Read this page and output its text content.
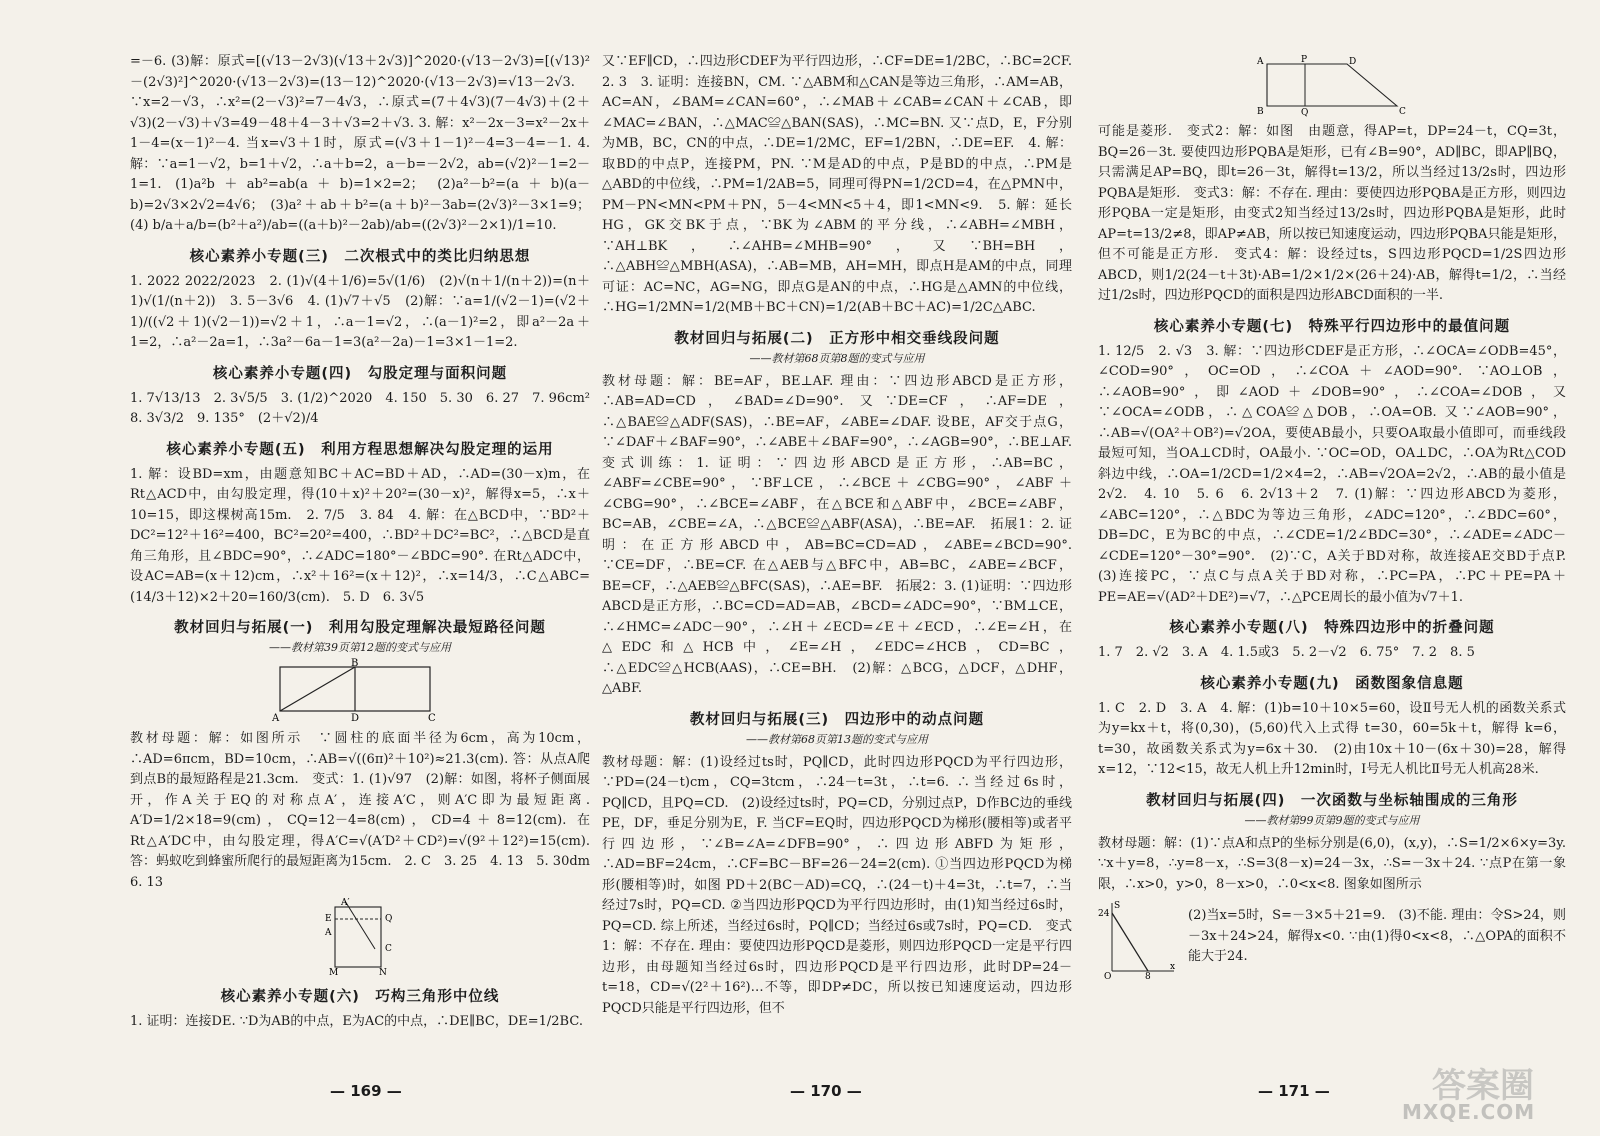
=－6. (3)解：原式=[(√13－2√3)(√13＋2√3)]^2020·(√13－2√3)=[(√13)²－(2√3)²]^2020·(√13－2√3)=(13－12)^2020·(√13－2√3)=√13－2√3. ∵x=2－√3，∴x²=(2－√3)²=7－4√3，∴原式=(7＋4√3)(7－4√3)＋(2＋√3)(2－√3)＋√3=49－48＋4－3＋√3=2＋√3. 3. 解：x²－2x－3=x²－2x＋1－4=(x－1)²－4. 当x=√3＋1时，原式=(√3＋1－1)²－4=3－4=－1. 4. 解：∵a=1－√2，b=1＋√2，∴a＋b=2，a－b=－2√2，ab=(√2)²－1=2－1=1. (1)a²b＋ab²=ab(a＋b)=1×2=2； (2)a²－b²=(a＋b)(a－b)=2√3×2√2=4√6； (3)a²＋ab＋b²=(a＋b)²－3ab=(2√3)²－3×1=9； (4) b/a＋a/b=(b²＋a²)/ab=((a＋b)²－2ab)/ab=((2√3)²－2×1)/1=10.

核心素养小专题(三)　二次根式中的类比归纳思想

1. 2022 2022/2023　2. (1)√(4＋1/6)=5√(1/6)　(2)√(n＋1/(n＋2))=(n＋1)√(1/(n＋2))　3. 5－3√6　4. (1)√7＋√5　(2)解：∵a=1/(√2－1)=(√2＋1)/((√2＋1)(√2－1))=√2＋1，∴a－1=√2，∴(a－1)²=2，即a²－2a＋1=2，∴a²－2a=1，∴3a²－6a－1=3(a²－2a)－1=3×1－1=2.

核心素养小专题(四)　勾股定理与面积问题

1. 7√13/13　2. 3√5/5　3. (1/2)^2020　4. 150　5. 30　6. 27　7. 96cm²　8. 3√3/2　9. 135°　(2＋√2)/4

核心素养小专题(五)　利用方程思想解决勾股定理的运用

1. 解：设BD=xm，由题意知BC＋AC=BD＋AD，∴AD=(30－x)m，在Rt△ACD中，由勾股定理，得(10＋x)²＋20²=(30－x)²，解得x=5，∴x＋10=15，即这棵树高15m.　2. 7/5　3. 84　4. 解：在△BCD中，∵BD²＋DC²=12²＋16²=400，BC²=20²=400，∴BD²＋DC²=BC²，∴△BCD是直角三角形，且∠BDC=90°，∴∠ADC=180°－∠BDC=90°. 在Rt△ADC中，设AC=AB=(x＋12)cm，∴x²＋16²=(x＋12)²，∴x=14/3，∴C△ABC=(14/3＋12)×2＋20=160/3(cm).　5. D　6. 3√5

教材回归与拓展(一)　利用勾股定理解决最短路径问题
——教材第39页第12题的变式与应用
A	D	C
B

教材母题：解：如图所示　∵圆柱的底面半径为6cm，高为10cm，∴AD=6πcm，BD=10cm，∴AB=√((6π)²＋10²)≈21.3(cm). 答：从点A爬到点B的最短路程是21.3cm.　变式：1. (1)√97　(2)解：如图，将杯子侧面展开，作A关于EQ的对称点A′，连接A′C，则A′C即为最短距离. A′D=1/2×18=9(cm)，CQ=12－4=8(cm)，CD=4＋8=12(cm). 在Rt△A′DC中，由勾股定理，得A′C=√(A′D²＋CD²)=√(9²＋12²)=15(cm). 答：蚂蚁吃到蜂蜜所爬行的最短距离为15cm.　2. C　3. 25　4. 13　5. 30dm　6. 13

A′
E
A
Q
C
M	N
核心素养小专题(六)　巧构三角形中位线

1. 证明：连接DE. ∵D为AB的中点，E为AC的中点，∴DE∥BC，DE=1/2BC.

又∵EF∥CD，∴四边形CDEF为平行四边形，∴CF=DE=1/2BC，∴BC=2CF.　2. 3　3. 证明：连接BN，CM. ∵△ABM和△CAN是等边三角形，∴AM=AB，AC=AN，∠BAM=∠CAN=60°，∴∠MAB＋∠CAB=∠CAN＋∠CAB，即∠MAC=∠BAN，∴△MAC≌△BAN(SAS)，∴MC=BN. 又∵点D，E，F分别为MB，BC，CN的中点，∴DE=1/2MC，EF=1/2BN，∴DE=EF.　4. 解：取BD的中点P，连接PM，PN. ∵M是AD的中点，P是BD的中点，∴PM是△ABD的中位线，∴PM=1/2AB=5，同理可得PN=1/2CD=4，在△PMN中，PM－PN<MN<PM＋PN，5－4<MN<5＋4，即1<MN<9.　5. 解：延长HG，GK交BK于点，∵BK为∠ABM的平分线，∴∠ABH=∠MBH，∵AH⊥BK，∴∠AHB=∠MHB=90°，又∵BH=BH，∴△ABH≌△MBH(ASA)，∴AB=MB，AH=MH，即点H是AM的中点，同理可证：AC=NC，AG=NG，即点G是AN的中点，∴HG是△AMN的中位线，∴HG=1/2MN=1/2(MB＋BC＋CN)=1/2(AB＋BC＋AC)=1/2C△ABC.

教材回归与拓展(二)　正方形中相交垂线段问题
——教材第68页第8题的变式与应用

教材母题：解：BE=AF，BE⊥AF. 理由：∵四边形ABCD是正方形，∴AB=AD=CD，∠BAD=∠D=90°. 又∵DE=CF，∴AF=DE，∴△BAE≌△ADF(SAS)，∴BE=AF，∠ABE=∠DAF. 设BE，AF交于点G，∵∠DAF＋∠BAF=90°，∴∠ABE＋∠BAF=90°，∴∠AGB=90°，∴BE⊥AF.　变式训练：1. 证明：∵四边形ABCD是正方形，∴AB=BC，∠ABF=∠CBE=90°，∵BF⊥CE，∴∠BCE＋∠CBG=90°，∠ABF＋∠CBG=90°，∴∠BCE=∠ABF，在△BCE和△ABF中，∠BCE=∠ABF，BC=AB，∠CBE=∠A，∴△BCE≌△ABF(ASA)，∴BE=AF.　拓展1：2. 证明：在正方形ABCD中，AB=BC=CD=AD，∠ABE=∠BCD=90°. ∵CE=DF，∴BE=CF. 在△AEB与△BFC中，AB=BC，∠ABE=∠BCF，BE=CF，∴△AEB≌△BFC(SAS)，∴AE=BF.　拓展2：3. (1)证明：∵四边形ABCD是正方形，∴BC=CD=AD=AB，∠BCD=∠ADC=90°，∵BM⊥CE，∴∠HMC=∠ADC－90°，∴∠H＋∠ECD=∠E＋∠ECD，∴∠E=∠H，在△EDC和△HCB中，∠E=∠H，∠EDC=∠HCB，CD=BC，∴△EDC≌△HCB(AAS)，∴CE=BH.　(2)解：△BCG，△DCF，△DHF，△ABF.

教材回归与拓展(三)　四边形中的动点问题
——教材第68页第13题的变式与应用

教材母题：解：(1)设经过ts时，PQ∥CD，此时四边形PQCD为平行四边形，∵PD=(24－t)cm，CQ=3tcm，∴24－t=3t，∴t=6. ∴当经过6s时，PQ∥CD，且PQ=CD.　(2)设经过ts时，PQ=CD，分别过点P，D作BC边的垂线PE，DF，垂足分别为E，F. 当CF=EQ时，四边形PQCD为梯形(腰相等)或者平行四边形，∵∠B=∠A=∠DFB=90°，∴四边形ABFD为矩形，∴AD=BF=24cm，∴CF=BC－BF=26－24=2(cm). ①当四边形PQCD为梯形(腰相等)时，如图 PD＋2(BC－AD)=CQ，∴(24－t)＋4=3t，∴t=7，∴当经过7s时，PQ=CD. ②当四边形PQCD为平行四边形时，由(1)知当经过6s时，PQ=CD. 综上所述，当经过6s时，PQ∥CD；当经过6s或7s时，PQ=CD.　变式1：解：不存在. 理由：要使四边形PQCD是菱形，则四边形PQCD一定是平行四边形，由母题知当经过6s时，四边形PQCD是平行四边形，此时DP=24－t=18，CD=√(2²＋16²)…不等，即DP≠DC，所以按已知速度运动，四边形PQCD只能是平行四边形，但不

A	P	D
B	Q	C

可能是菱形.　变式2：解：如图　由题意，得AP=t，DP=24－t，CQ=3t，BQ=26－3t. 要使四边形PQBA是矩形，已有∠B=90°，AD∥BC，即AP∥BQ，只需满足AP=BQ，即t=26－3t，解得t=13/2，所以当经过13/2s时，四边形PQBA是矩形.　变式3：解：不存在. 理由：要使四边形PQBA是正方形，则四边形PQBA一定是矩形，由变式2知当经过13/2s时，四边形PQBA是矩形，此时AP=t=13/2≠8，即AP≠AB，所以按已知速度运动，四边形PQBA只能是矩形，但不可能是正方形.　变式4：解：设经过ts，S四边形PQCD=1/2S四边形ABCD，则1/2(24－t＋3t)·AB=1/2×1/2×(26＋24)·AB，解得t=1/2，∴当经过1/2s时，四边形PQCD的面积是四边形ABCD面积的一半.

核心素养小专题(七)　特殊平行四边形中的最值问题

1. 12/5　2. √3　3. 解：∵四边形CDEF是正方形，∴∠OCA=∠ODB=45°，∠COD=90°，OC=OD，∴∠COA＋∠AOD=90°. ∵AO⊥OB，∴∠AOB=90°，即∠AOD＋∠DOB=90°，∴∠COA=∠DOB，又∵∠OCA=∠ODB，∴△COA≌△DOB，∴OA=OB. 又∵∠AOB=90°，∴AB=√(OA²＋OB²)=√2OA，要使AB最小，只要OA取最小值即可，而垂线段最短可知，当OA⊥CD时，OA最小. ∵OC=OD，OA⊥DC，∴OA为Rt△COD斜边中线，∴OA=1/2CD=1/2×4=2，∴AB=√2OA=2√2，∴AB的最小值是2√2.　4. 10　5. 6　6. 2√13＋2　7. (1)解：∵四边形ABCD为菱形，∠ABC=120°，∴△BDC为等边三角形，∠ADC=120°，∴∠BDC=60°，DB=DC，E为BC的中点，∴∠CDE=1/2∠BDC=30°，∴∠ADE=∠ADC－∠CDE=120°－30°=90°.　(2)∵C，A关于BD对称，故连接AE交BD于点P.　(3)连接PC，∵点C与点A关于BD对称，∴PC=PA，∴PC＋PE=PA＋PE=AE=√(AD²＋DE²)=√7，∴△PCE周长的最小值为√7＋1.

核心素养小专题(八)　特殊四边形中的折叠问题

1. 7　2. √2　3. A　4. 1.5或3　5. 2－√2　6. 75°　7. 2　8. 5

核心素养小专题(九)　函数图象信息题

1. C　2. D　3. A　4. 解：(1)b=10＋10×5=60，设Ⅱ号无人机的函数关系式为y=kx＋t，将(0,30)，(5,60)代入上式得 t=30，60=5k＋t，解得 k=6，t=30，故函数关系式为y=6x＋30.　(2)由10x＋10－(6x＋30)=28，解得x=12，∵12<15，故无人机上升12min时，Ⅰ号无人机比Ⅱ号无人机高28米.

教材回归与拓展(四)　一次函数与坐标轴围成的三角形
——教材第99页第9题的变式与应用

教材母题：解：(1)∵点A和点P的坐标分别是(6,0)，(x,y)，∴S=1/2×6×y=3y. ∵x＋y=8，∴y=8－x，∴S=3(8－x)=24－3x，∴S=－3x＋24. ∵点P在第一象限，∴x>0，y>0，8－x>0，∴0<x<8. 图象如图所示

S
24
O	8
x

(2)当x=5时，S=－3×5＋21=9.　(3)不能. 理由：令S>24，则－3x＋24>24，解得x<0. ∵由(1)得0<x<8，∴△OPA的面积不能大于24.

— 169 —	— 170 —	— 171 —	答案圈
MXQE.COM
